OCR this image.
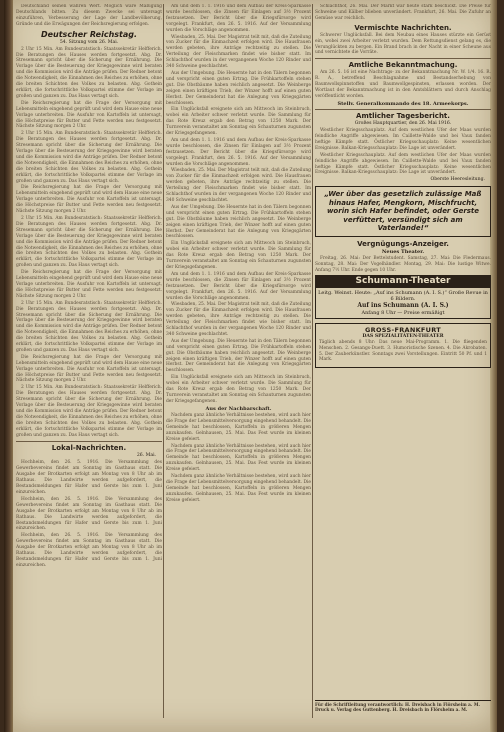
Deutschland seinen wahren Wert. Möglich wäre Mäßigung Deutschlands bitten. Zu diesem Zwecke sei untersagt einzuführen, Verbesserung der Lage der Landbevölkerung, Gründe und die Erwägungen der Reichsregierung erfolgen.

Deutscher Reichstag.
54. Sitzung vom 26. Mai.

2 Uhr 15 Min. Am Bundesratstisch: Staatssekretär Helfferich. Die Beratungen des Hauses werden fortgesetzt. Abg. Dr. Stresemann spricht über die Sicherung der Ernährung. Die Vorlage über die Besteuerung der Kriegsgewinne wird beraten und die Kommission wird die Anträge prüfen. Der Redner betont die Notwendigkeit, die Einnahmen des Reiches zu erhöhen, ohne die breiten Schichten des Volkes zu belasten. Abg. Gothein erklärt, die fortschrittliche Volkspartei stimme der Vorlage im großen und ganzen zu. Das Haus vertagt sich.

Die Reichsregierung hat die Frage der Versorgung mit Lebensmitteln eingehend geprüft und wird dem Hause eine neue Vorlage unterbreiten. Die Ausfuhr von Kartoffeln ist untersagt, die Höchstpreise für Butter und Fette werden neu festgesetzt. Nächste Sitzung morgen 2 Uhr.

2 Uhr 15 Min. Am Bundesratstisch: Staatssekretär Helfferich. Die Beratungen des Hauses werden fortgesetzt. Abg. Dr. Stresemann spricht über die Sicherung der Ernährung. Die Vorlage über die Besteuerung der Kriegsgewinne wird beraten und die Kommission wird die Anträge prüfen. Der Redner betont die Notwendigkeit, die Einnahmen des Reiches zu erhöhen, ohne die breiten Schichten des Volkes zu belasten. Abg. Gothein erklärt, die fortschrittliche Volkspartei stimme der Vorlage im großen und ganzen zu. Das Haus vertagt sich.

Die Reichsregierung hat die Frage der Versorgung mit Lebensmitteln eingehend geprüft und wird dem Hause eine neue Vorlage unterbreiten. Die Ausfuhr von Kartoffeln ist untersagt, die Höchstpreise für Butter und Fette werden neu festgesetzt. Nächste Sitzung morgen 2 Uhr.

2 Uhr 15 Min. Am Bundesratstisch: Staatssekretär Helfferich. Die Beratungen des Hauses werden fortgesetzt. Abg. Dr. Stresemann spricht über die Sicherung der Ernährung. Die Vorlage über die Besteuerung der Kriegsgewinne wird beraten und die Kommission wird die Anträge prüfen. Der Redner betont die Notwendigkeit, die Einnahmen des Reiches zu erhöhen, ohne die breiten Schichten des Volkes zu belasten. Abg. Gothein erklärt, die fortschrittliche Volkspartei stimme der Vorlage im großen und ganzen zu. Das Haus vertagt sich.

Die Reichsregierung hat die Frage der Versorgung mit Lebensmitteln eingehend geprüft und wird dem Hause eine neue Vorlage unterbreiten. Die Ausfuhr von Kartoffeln ist untersagt, die Höchstpreise für Butter und Fette werden neu festgesetzt. Nächste Sitzung morgen 2 Uhr.

2 Uhr 15 Min. Am Bundesratstisch: Staatssekretär Helfferich. Die Beratungen des Hauses werden fortgesetzt. Abg. Dr. Stresemann spricht über die Sicherung der Ernährung. Die Vorlage über die Besteuerung der Kriegsgewinne wird beraten und die Kommission wird die Anträge prüfen. Der Redner betont die Notwendigkeit, die Einnahmen des Reiches zu erhöhen, ohne die breiten Schichten des Volkes zu belasten. Abg. Gothein erklärt, die fortschrittliche Volkspartei stimme der Vorlage im großen und ganzen zu. Das Haus vertagt sich.

Die Reichsregierung hat die Frage der Versorgung mit Lebensmitteln eingehend geprüft und wird dem Hause eine neue Vorlage unterbreiten. Die Ausfuhr von Kartoffeln ist untersagt, die Höchstpreise für Butter und Fette werden neu festgesetzt. Nächste Sitzung morgen 2 Uhr.

2 Uhr 15 Min. Am Bundesratstisch: Staatssekretär Helfferich. Die Beratungen des Hauses werden fortgesetzt. Abg. Dr. Stresemann spricht über die Sicherung der Ernährung. Die Vorlage über die Besteuerung der Kriegsgewinne wird beraten und die Kommission wird die Anträge prüfen. Der Redner betont die Notwendigkeit, die Einnahmen des Reiches zu erhöhen, ohne die breiten Schichten des Volkes zu belasten. Abg. Gothein erklärt, die fortschrittliche Volkspartei stimme der Vorlage im großen und ganzen zu. Das Haus vertagt sich.

Lokal-Nachrichten.
26. Mai.

Hochheim, den 26. 5. 1916. Die Versammlung des Gewerbevereins findet am Sonntag im Gasthaus statt. Die Ausgabe der Brotkarten erfolgt am Montag von 8 Uhr ab im Rathaus. Die Landwirte werden aufgefordert, die Bestandsmeldungen für Hafer und Gerste bis zum 1. Juni einzureichen.

Hochheim, den 26. 5. 1916. Die Versammlung des Gewerbevereins findet am Sonntag im Gasthaus statt. Die Ausgabe der Brotkarten erfolgt am Montag von 8 Uhr ab im Rathaus. Die Landwirte werden aufgefordert, die Bestandsmeldungen für Hafer und Gerste bis zum 1. Juni einzureichen.

Hochheim, den 26. 5. 1916. Die Versammlung des Gewerbevereins findet am Sonntag im Gasthaus statt. Die Ausgabe der Brotkarten erfolgt am Montag von 8 Uhr ab im Rathaus. Die Landwirte werden aufgefordert, die Bestandsmeldungen für Hafer und Gerste bis zum 1. Juni einzureichen.

Am und dem 1. 1. 1916 und dem Aufbau der Kreis-Sparkasse wurde beschlossen, die Zinsen für Einlagen auf 3½ Prozent festzusetzen. Der Bericht über die Kriegsfürsorge wird vorgelegt. Frankfurt, den 26. 5. 1916. Auf der Versammlung wurden die Vorschläge angenommen.

Wiesbaden, 25. Mai. Der Magistrat teilt mit, daß die Zuteilung von Zucker für die Einmachzeit erfolgen wird. Die Hausfrauen werden gebeten, ihre Anträge rechtzeitig zu stellen. Die Verteilung der Fleischmarken findet wie bisher statt. Im Schlachthof wurden in der vergangenen Woche 120 Rinder und 340 Schweine geschlachtet.

Aus der Umgebung. Die Heuernte hat in den Tälern begonnen und verspricht einen guten Ertrag. Die Frühkartoffeln stehen gut. Die Obstbäume haben reichlich angesetzt. Die Weinberge zeigen einen kräftigen Trieb, der Winzer hofft auf einen guten Herbst. Der Gemeinderat hat die Anlegung von Kriegsgärten beschlossen.

Ein Unglücksfall ereignete sich am Mittwoch im Steinbruch, wobei ein Arbeiter schwer verletzt wurde. Die Sammlung für das Rote Kreuz ergab den Betrag von 1250 Mark. Der Turnverein veranstaltet am Sonntag ein Schauturnen zugunsten der Kriegsgefangenen.

Am und dem 1. 1. 1916 und dem Aufbau der Kreis-Sparkasse wurde beschlossen, die Zinsen für Einlagen auf 3½ Prozent festzusetzen. Der Bericht über die Kriegsfürsorge wird vorgelegt. Frankfurt, den 26. 5. 1916. Auf der Versammlung wurden die Vorschläge angenommen.

Wiesbaden, 25. Mai. Der Magistrat teilt mit, daß die Zuteilung von Zucker für die Einmachzeit erfolgen wird. Die Hausfrauen werden gebeten, ihre Anträge rechtzeitig zu stellen. Die Verteilung der Fleischmarken findet wie bisher statt. Im Schlachthof wurden in der vergangenen Woche 120 Rinder und 340 Schweine geschlachtet.

Aus der Umgebung. Die Heuernte hat in den Tälern begonnen und verspricht einen guten Ertrag. Die Frühkartoffeln stehen gut. Die Obstbäume haben reichlich angesetzt. Die Weinberge zeigen einen kräftigen Trieb, der Winzer hofft auf einen guten Herbst. Der Gemeinderat hat die Anlegung von Kriegsgärten beschlossen.

Ein Unglücksfall ereignete sich am Mittwoch im Steinbruch, wobei ein Arbeiter schwer verletzt wurde. Die Sammlung für das Rote Kreuz ergab den Betrag von 1250 Mark. Der Turnverein veranstaltet am Sonntag ein Schauturnen zugunsten der Kriegsgefangenen.

Am und dem 1. 1. 1916 und dem Aufbau der Kreis-Sparkasse wurde beschlossen, die Zinsen für Einlagen auf 3½ Prozent festzusetzen. Der Bericht über die Kriegsfürsorge wird vorgelegt. Frankfurt, den 26. 5. 1916. Auf der Versammlung wurden die Vorschläge angenommen.

Wiesbaden, 25. Mai. Der Magistrat teilt mit, daß die Zuteilung von Zucker für die Einmachzeit erfolgen wird. Die Hausfrauen werden gebeten, ihre Anträge rechtzeitig zu stellen. Die Verteilung der Fleischmarken findet wie bisher statt. Im Schlachthof wurden in der vergangenen Woche 120 Rinder und 340 Schweine geschlachtet.

Aus der Umgebung. Die Heuernte hat in den Tälern begonnen und verspricht einen guten Ertrag. Die Frühkartoffeln stehen gut. Die Obstbäume haben reichlich angesetzt. Die Weinberge zeigen einen kräftigen Trieb, der Winzer hofft auf einen guten Herbst. Der Gemeinderat hat die Anlegung von Kriegsgärten beschlossen.

Ein Unglücksfall ereignete sich am Mittwoch im Steinbruch, wobei ein Arbeiter schwer verletzt wurde. Die Sammlung für das Rote Kreuz ergab den Betrag von 1250 Mark. Der Turnverein veranstaltet am Sonntag ein Schauturnen zugunsten der Kriegsgefangenen.

Aus der Nachbarschaft.

Nachdem ganz ähnliche Verhältnisse bestehen, wird auch hier die Frage der Lebensmittelversorgung eingehend behandelt. Die Gemeinde hat beschlossen, Kartoffeln in größeren Mengen anzukaufen. Gelnhausen, 25. Mai. Das Fest wurde im kleinen Kreise gefeiert.

Nachdem ganz ähnliche Verhältnisse bestehen, wird auch hier die Frage der Lebensmittelversorgung eingehend behandelt. Die Gemeinde hat beschlossen, Kartoffeln in größeren Mengen anzukaufen. Gelnhausen, 25. Mai. Das Fest wurde im kleinen Kreise gefeiert.

Nachdem ganz ähnliche Verhältnisse bestehen, wird auch hier die Frage der Lebensmittelversorgung eingehend behandelt. Die Gemeinde hat beschlossen, Kartoffeln in größeren Mengen anzukaufen. Gelnhausen, 25. Mai. Das Fest wurde im kleinen Kreise gefeiert.

Schlachthof, 26. Mai. Der Markt war heute stark beschickt. Die Preise für Schweine und Kälber blieben unverändert. Frankfurt, 26. Mai. Die Zufuhr an Gemüse war reichlich.

Vermischte Nachrichten.

Schwerer Unglücksfall. Bei dem Neubau eines Hauses stürzte ein Gerüst ein, wobei zwei Arbeiter verletzt wurden. Dem Rettungsdienst gelang es, die Verunglückten zu bergen. Ein Brand brach in der Nacht in einer Scheune aus und vernichtete die Vorräte.

Amtliche Bekanntmachung.

Am 26. 5. 16 ist eine Nachtrags- zu der Bekanntmachung Nr. W. 1/4. 16. R. R. A., betreffend Beschlagnahme und Bestandserhebung von Baumwollspinnstoffen und Baumwollgespinsten, erlassen worden. Der Wortlaut der Bekanntmachung ist in den Amtsblättern und durch Anschlag veröffentlicht worden.

Stellv. Generalkommando des 18. Armeekorps.
Amtlicher Tagesbericht.
Großes Hauptquartier, den 26. Mai 1916.

Westlicher Kriegsschauplatz. Auf dem westlichen Ufer der Maas wurden feindliche Angriffe abgewiesen. Im Caillette-Walde und bei Vaux fanden heftige Kämpfe statt. Östlicher Kriegsschauplatz: Keine wesentlichen Ereignisse. Balkan-Kriegsschauplatz: Die Lage ist unverändert.

Westlicher Kriegsschauplatz. Auf dem westlichen Ufer der Maas wurden feindliche Angriffe abgewiesen. Im Caillette-Walde und bei Vaux fanden heftige Kämpfe statt. Östlicher Kriegsschauplatz: Keine wesentlichen Ereignisse. Balkan-Kriegsschauplatz: Die Lage ist unverändert.

Oberste Heeresleitung.
„Wer über das gesetzlich zulässige Maß hinaus Hafer, Mengkorn, Mischfrucht, worin sich Hafer befindet, oder Gerste verfüttert, versündigt sich am Vaterlande!“
Vergnügungs-Anzeiger.
Neues Theater.

Freitag, 26. Mai: Der Bettelstudent. Samstag, 27. Mai: Die Fledermaus. Sonntag, 28. Mai: Der Vogelhändler. Montag, 29. Mai: Die lustige Witwe. Anfang 7½ Uhr. Ende gegen 10 Uhr.

Schumann-Theater
Leitg. Weinst. Heute: „Auf ins Schumann (A. I. S.)“ Große Revue in 6 Bildern.
Auf ins Schumann (A. I. S.)
Anfang 8 Uhr — Preise ermäßigt
GROSS-FRANKFURT
DAS SPEZIALITÄTEN-THEATER

Täglich abends 8 Uhr: Das neue Mai-Programm. 1. Die fliegenden Menschen. 2. Gesangs-Duett. 3. Humoristische Szenen. 4. Die Akrobaten. 5. Der Zauberkünstler. Sonntags zwei Vorstellungen. Eintritt 50 Pf. und 1 Mark.

Für die Schriftleitung verantwortlich: H. Dreisbach in Flörsheim a. M. Druck u. Verlag des Guttenberg. H. Dreisbach in Flörsheim a. M.
